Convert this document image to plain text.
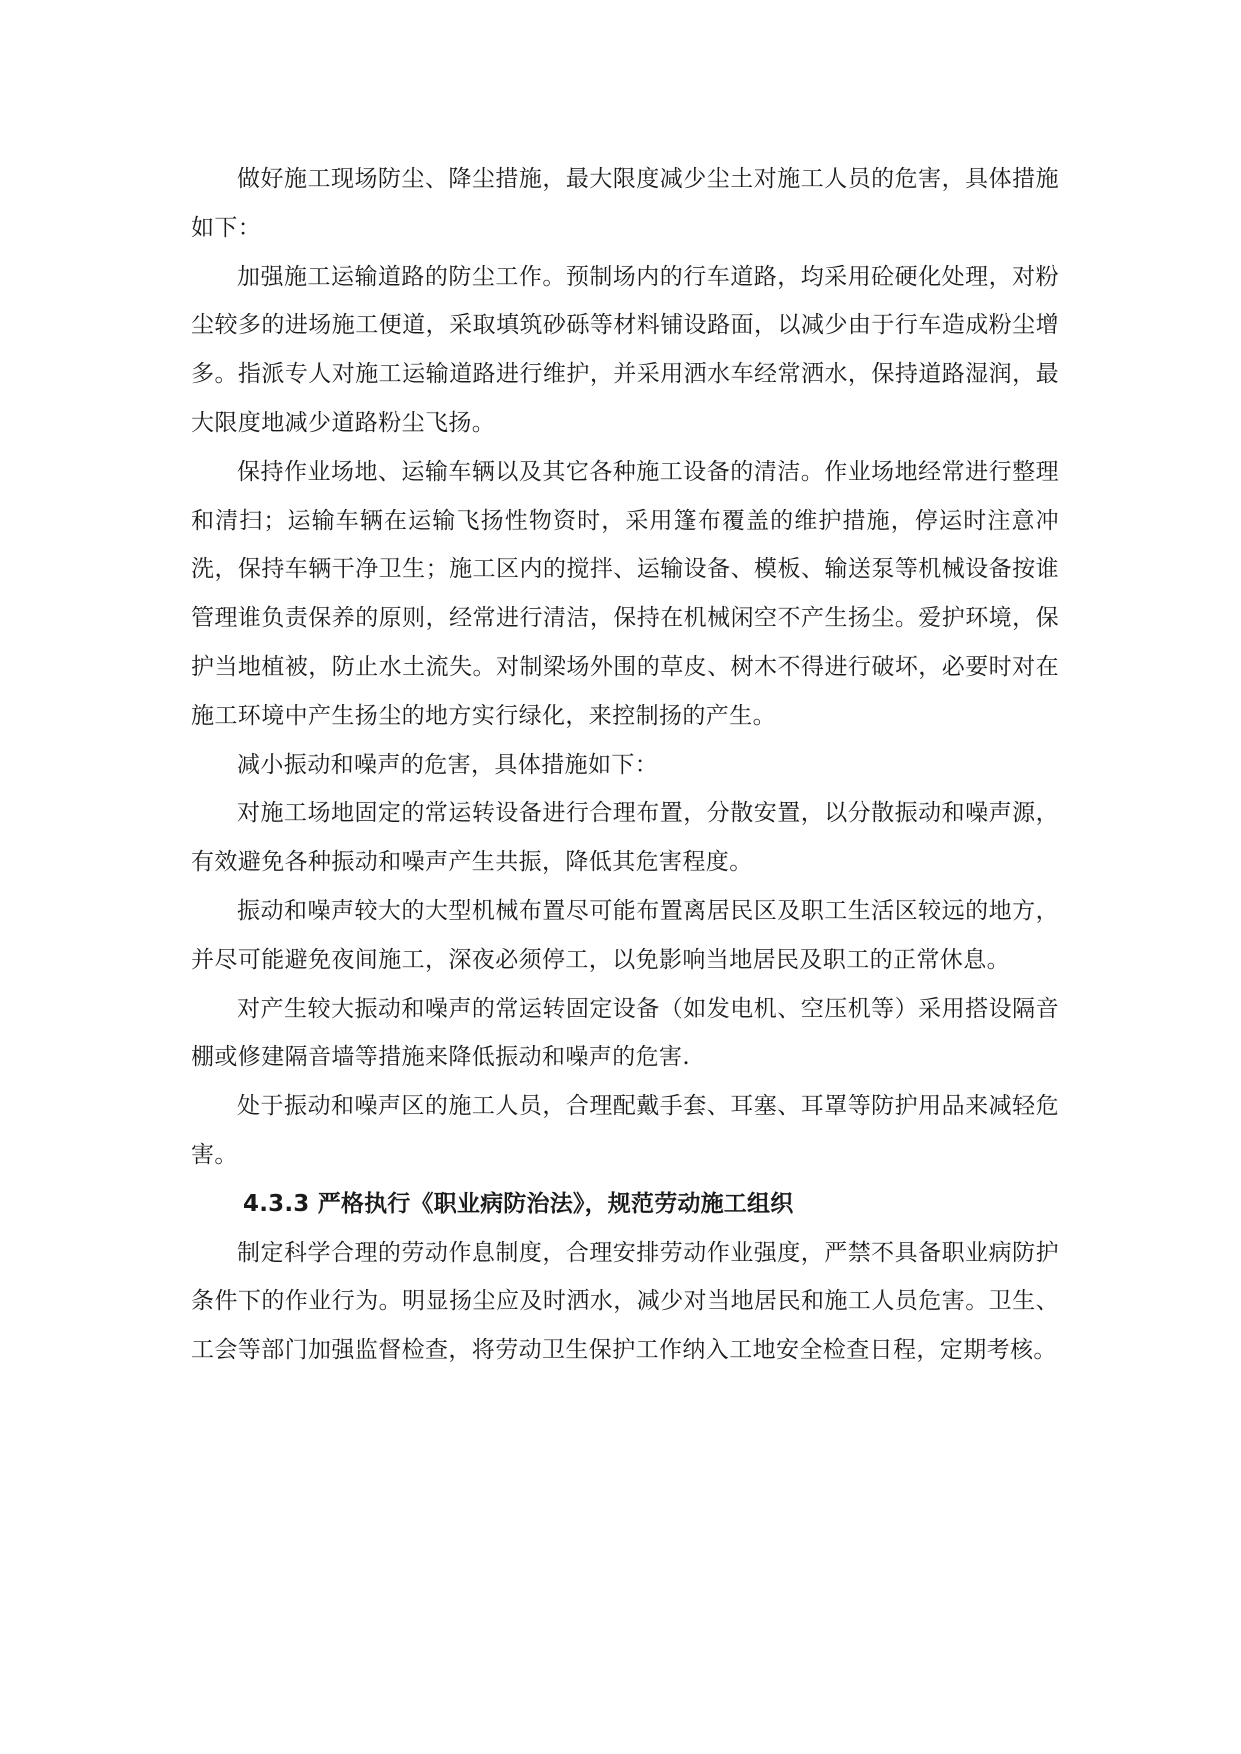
做好施工现场防尘、降尘措施，最大限度减少尘土对施工人员的危害，具体措施如下：

加强施工运输道路的防尘工作。预制场内的行车道路，均采用砼硬化处理，对粉尘较多的进场施工便道，采取填筑砂砾等材料铺设路面，以减少由于行车造成粉尘增多。指派专人对施工运输道路进行维护，并采用洒水车经常洒水，保持道路湿润，最大限度地减少道路粉尘飞扬。

保持作业场地、运输车辆以及其它各种施工设备的清洁。作业场地经常进行整理和清扫；运输车辆在运输飞扬性物资时，采用篷布覆盖的维护措施，停运时注意冲洗，保持车辆干净卫生；施工区内的搅拌、运输设备、模板、输送泵等机械设备按谁管理谁负责保养的原则，经常进行清洁，保持在机械闲空不产生扬尘。爱护环境，保护当地植被，防止水土流失。对制梁场外围的草皮、树木不得进行破坏，必要时对在施工环境中产生扬尘的地方实行绿化，来控制扬的产生。

减小振动和噪声的危害，具体措施如下：

对施工场地固定的常运转设备进行合理布置，分散安置，以分散振动和噪声源，有效避免各种振动和噪声产生共振，降低其危害程度。

振动和噪声较大的大型机械布置尽可能布置离居民区及职工生活区较远的地方，并尽可能避免夜间施工，深夜必须停工，以免影响当地居民及职工的正常休息。

对产生较大振动和噪声的常运转固定设备（如发电机、空压机等）采用搭设隔音棚或修建隔音墙等措施来降低振动和噪声的危害.

处于振动和噪声区的施工人员，合理配戴手套、耳塞、耳罩等防护用品来减轻危害。

4.3.3 严格执行《职业病防治法》，规范劳动施工组织

制定科学合理的劳动作息制度，合理安排劳动作业强度，严禁不具备职业病防护条件下的作业行为。明显扬尘应及时洒水，减少对当地居民和施工人员危害。卫生、工会等部门加强监督检查，将劳动卫生保护工作纳入工地安全检查日程，定期考核。
